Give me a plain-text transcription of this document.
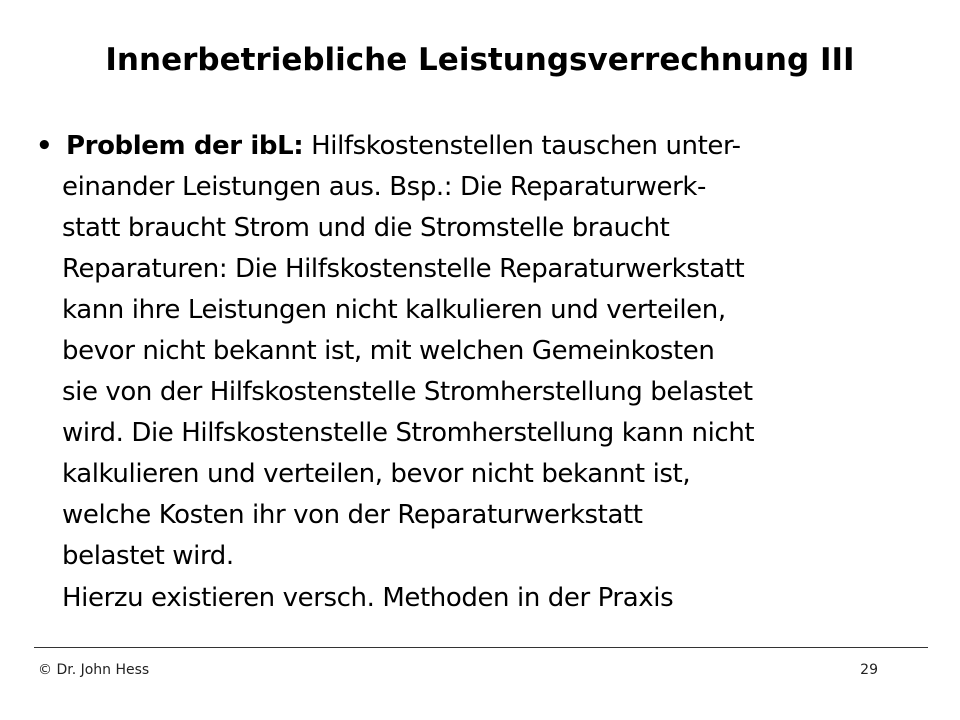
Innerbetriebliche Leistungsverrechnung III
• Problem der ibL: Hilfskostenstellen tauschen unter-
einander Leistungen aus. Bsp.: Die Reparaturwerk-
statt braucht Strom und die Stromstelle braucht
Reparaturen: Die Hilfskostenstelle Reparaturwerkstatt
kann ihre Leistungen nicht kalkulieren und verteilen,
bevor nicht bekannt ist, mit welchen Gemeinkosten
sie von der Hilfskostenstelle Stromherstellung belastet
wird. Die Hilfskostenstelle Stromherstellung kann nicht
kalkulieren und verteilen, bevor nicht bekannt ist,
welche Kosten ihr von der Reparaturwerkstatt
belastet wird.
Hierzu existieren versch. Methoden in der Praxis
© Dr. John Hess	29
